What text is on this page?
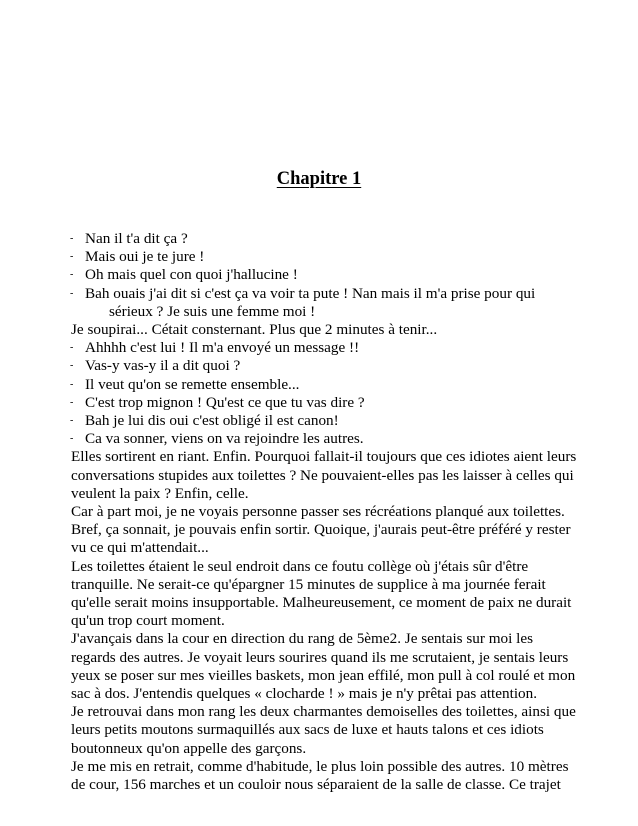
Chapitre 1
- Nan il t'a dit ça ?
- Mais oui je te jure !
- Oh mais quel con quoi j'hallucine !
- Bah ouais j'ai dit si c'est ça va voir ta pute ! Nan mais il m'a prise pour qui
sérieux ? Je suis une femme moi !
Je soupirai... Cétait consternant. Plus que 2 minutes à tenir...
- Ahhhh c'est lui ! Il m'a envoyé un message !!
- Vas-y vas-y il a dit quoi ?
- Il veut qu'on se remette ensemble...
- C'est trop mignon ! Qu'est ce que tu vas dire ?
- Bah je lui dis oui c'est obligé il est canon!
- Ca va sonner, viens on va rejoindre les autres.
Elles sortirent en riant. Enfin. Pourquoi fallait-il toujours que ces idiotes aient leurs
conversations stupides aux toilettes ? Ne pouvaient-elles pas les laisser à celles qui
veulent la paix ? Enfin, celle.
Car à part moi, je ne voyais personne passer ses récréations planqué aux toilettes.
Bref, ça sonnait, je pouvais enfin sortir. Quoique, j'aurais peut-être préféré y rester
vu ce qui m'attendait...
Les toilettes étaient le seul endroit dans ce foutu collège où j'étais sûr d'être
tranquille. Ne serait-ce qu'épargner 15 minutes de supplice à ma journée ferait
qu'elle serait moins insupportable. Malheureusement, ce moment de paix ne durait
qu'un trop court moment.
J'avançais dans la cour en direction du rang de 5ème2. Je sentais sur moi les
regards des autres. Je voyait leurs sourires quand ils me scrutaient, je sentais leurs
yeux se poser sur mes vieilles baskets, mon jean effilé, mon pull à col roulé et mon
sac à dos. J'entendis quelques « clocharde ! » mais je n'y prêtai pas attention.
Je retrouvai dans mon rang les deux charmantes demoiselles des toilettes, ainsi que
leurs petits moutons surmaquillés aux sacs de luxe et hauts talons et ces idiots
boutonneux qu'on appelle des garçons.
Je me mis en retrait, comme d'habitude, le plus loin possible des autres. 10 mètres
de cour, 156 marches et un couloir nous séparaient de la salle de classe. Ce trajet
